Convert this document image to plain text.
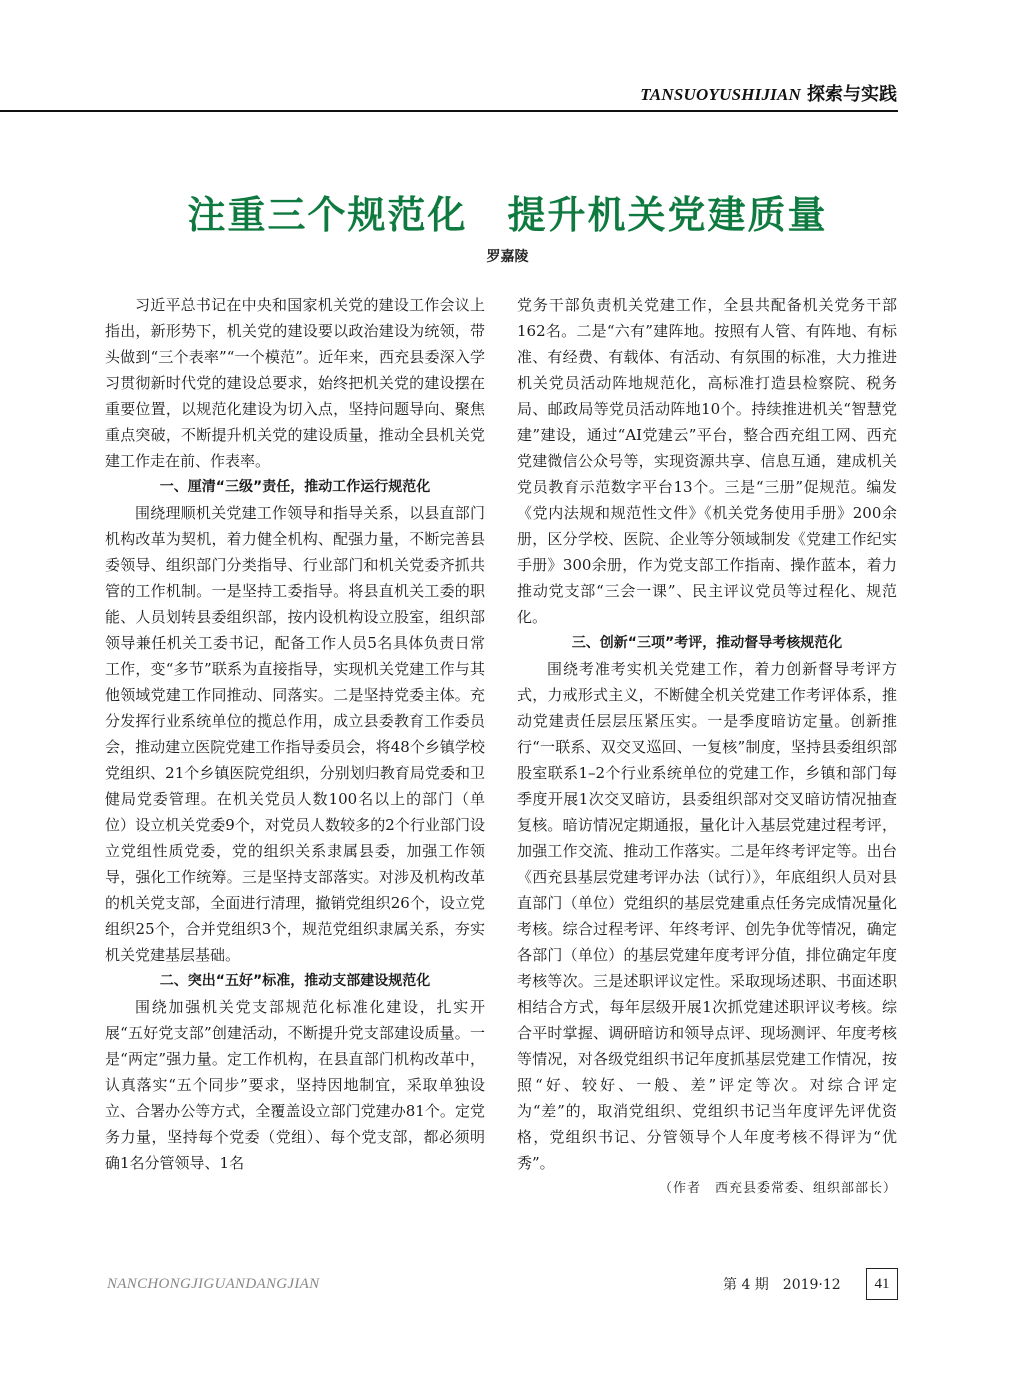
TANSUOYUSHIJIAN 探索与实践
注重三个规范化　提升机关党建质量
罗嘉陵

习近平总书记在中央和国家机关党的建设工作会议上指出，新形势下，机关党的建设要以政治建设为统领，带头做到“三个表率”“一个模范”。近年来，西充县委深入学习贯彻新时代党的建设总要求，始终把机关党的建设摆在重要位置，以规范化建设为切入点，坚持问题导向、聚焦重点突破，不断提升机关党的建设质量，推动全县机关党建工作走在前、作表率。

一、厘清“三级”责任，推动工作运行规范化

围绕理顺机关党建工作领导和指导关系，以县直部门机构改革为契机，着力健全机构、配强力量，不断完善县委领导、组织部门分类指导、行业部门和机关党委齐抓共管的工作机制。一是坚持工委指导。将县直机关工委的职能、人员划转县委组织部，按内设机构设立股室，组织部领导兼任机关工委书记，配备工作人员5名具体负责日常工作，变“多节”联系为直接指导，实现机关党建工作与其他领域党建工作同推动、同落实。二是坚持党委主体。充分发挥行业系统单位的揽总作用，成立县委教育工作委员会，推动建立医院党建工作指导委员会，将48个乡镇学校党组织、21个乡镇医院党组织，分别划归教育局党委和卫健局党委管理。在机关党员人数100名以上的部门（单位）设立机关党委9个，对党员人数较多的2个行业部门设立党组性质党委，党的组织关系隶属县委，加强工作领导，强化工作统筹。三是坚持支部落实。对涉及机构改革的机关党支部，全面进行清理，撤销党组织26个，设立党组织25个，合并党组织3个，规范党组织隶属关系，夯实机关党建基层基础。

二、突出“五好”标准，推动支部建设规范化

围绕加强机关党支部规范化标准化建设，扎实开展“五好党支部”创建活动，不断提升党支部建设质量。一是“两定”强力量。定工作机构，在县直部门机构改革中，认真落实“五个同步”要求，坚持因地制宜，采取单独设立、合署办公等方式，全覆盖设立部门党建办81个。定党务力量，坚持每个党委（党组）、每个党支部，都必须明确1名分管领导、1名

党务干部负责机关党建工作，全县共配备机关党务干部162名。二是“六有”建阵地。按照有人管、有阵地、有标准、有经费、有载体、有活动、有氛围的标准，大力推进机关党员活动阵地规范化，高标准打造县检察院、税务局、邮政局等党员活动阵地10个。持续推进机关“智慧党建”建设，通过“AI党建云”平台，整合西充组工网、西充党建微信公众号等，实现资源共享、信息互通，建成机关党员教育示范数字平台13个。三是“三册”促规范。编发《党内法规和规范性文件》《机关党务使用手册》200余册，区分学校、医院、企业等分领域制发《党建工作纪实手册》300余册，作为党支部工作指南、操作蓝本，着力推动党支部“三会一课”、民主评议党员等过程化、规范化。

三、创新“三项”考评，推动督导考核规范化

围绕考准考实机关党建工作，着力创新督导考评方式，力戒形式主义，不断健全机关党建工作考评体系，推动党建责任层层压紧压实。一是季度暗访定量。创新推行“一联系、双交叉巡回、一复核”制度，坚持县委组织部股室联系1–2个行业系统单位的党建工作，乡镇和部门每季度开展1次交叉暗访，县委组织部对交叉暗访情况抽查复核。暗访情况定期通报，量化计入基层党建过程考评，加强工作交流、推动工作落实。二是年终考评定等。出台《西充县基层党建考评办法（试行）》，年底组织人员对县直部门（单位）党组织的基层党建重点任务完成情况量化考核。综合过程考评、年终考评、创先争优等情况，确定各部门（单位）的基层党建年度考评分值，排位确定年度考核等次。三是述职评议定性。采取现场述职、书面述职相结合方式，每年层级开展1次抓党建述职评议考核。综合平时掌握、调研暗访和领导点评、现场测评、年度考核等情况，对各级党组织书记年度抓基层党建工作情况，按照“好、较好、一般、差”评定等次。对综合评定为“差”的，取消党组织、党组织书记当年度评先评优资格，党组织书记、分管领导个人年度考核不得评为“优秀”。

（作者　西充县委常委、组织部部长）

NANCHONGJIGUANDANGJIAN	第 4 期　2019·12	41
